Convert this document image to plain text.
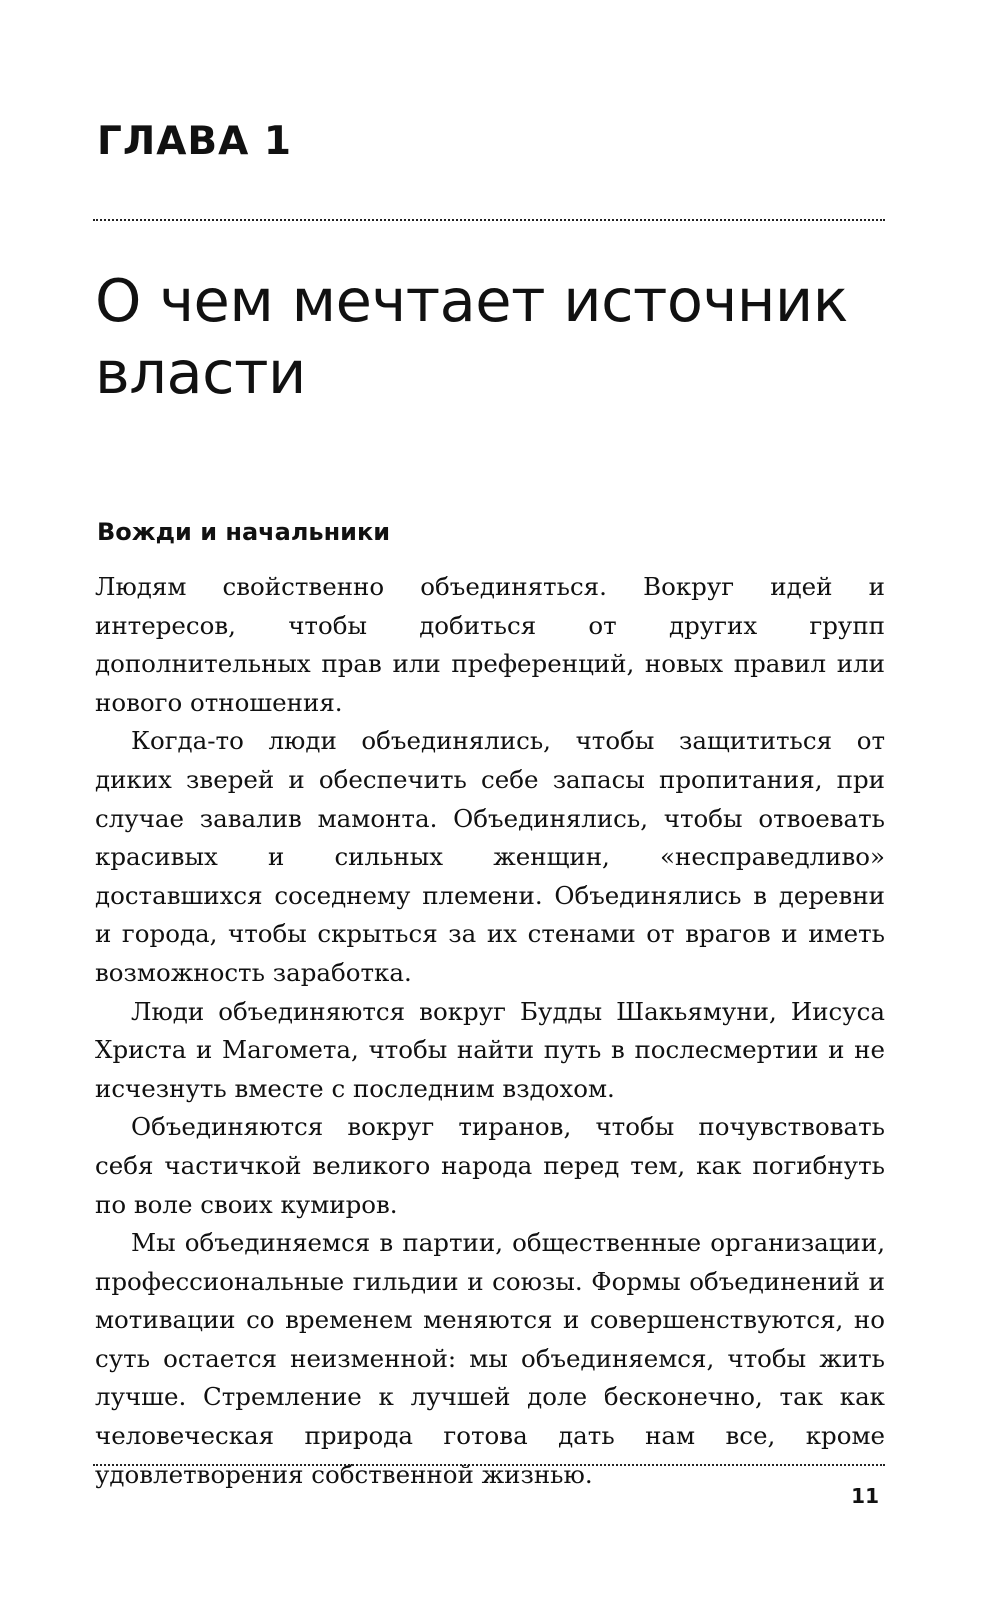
ГЛАВА 1
О чем мечтает источник власти
Вожди и начальники

Людям свойственно объединяться. Вокруг идей и интересов, чтобы добиться от других групп дополнительных прав или преференций, новых правил или нового отношения.

Когда-то люди объединялись, чтобы защититься от диких зверей и обеспечить себе запасы пропитания, при случае завалив мамонта. Объединялись, чтобы отвоевать красивых и сильных женщин, «несправедливо» доставшихся соседнему племени. Объединялись в деревни и города, чтобы скрыться за их стенами от врагов и иметь возможность заработка.

Люди объединяются вокруг Будды Шакьямуни, Иисуса Христа и Магомета, чтобы найти путь в послесмертии и не исчезнуть вместе с последним вздохом.

Объединяются вокруг тиранов, чтобы почувствовать себя частичкой великого народа перед тем, как погибнуть по воле своих кумиров.

Мы объединяемся в партии, общественные организации, профессиональные гильдии и союзы. Формы объединений и мотивации со временем меняются и совершенствуются, но суть остается неизменной: мы объединяемся, чтобы жить лучше. Стремление к лучшей доле бесконечно, так как человеческая природа готова дать нам все, кроме удовлетворения собственной жизнью.

11
